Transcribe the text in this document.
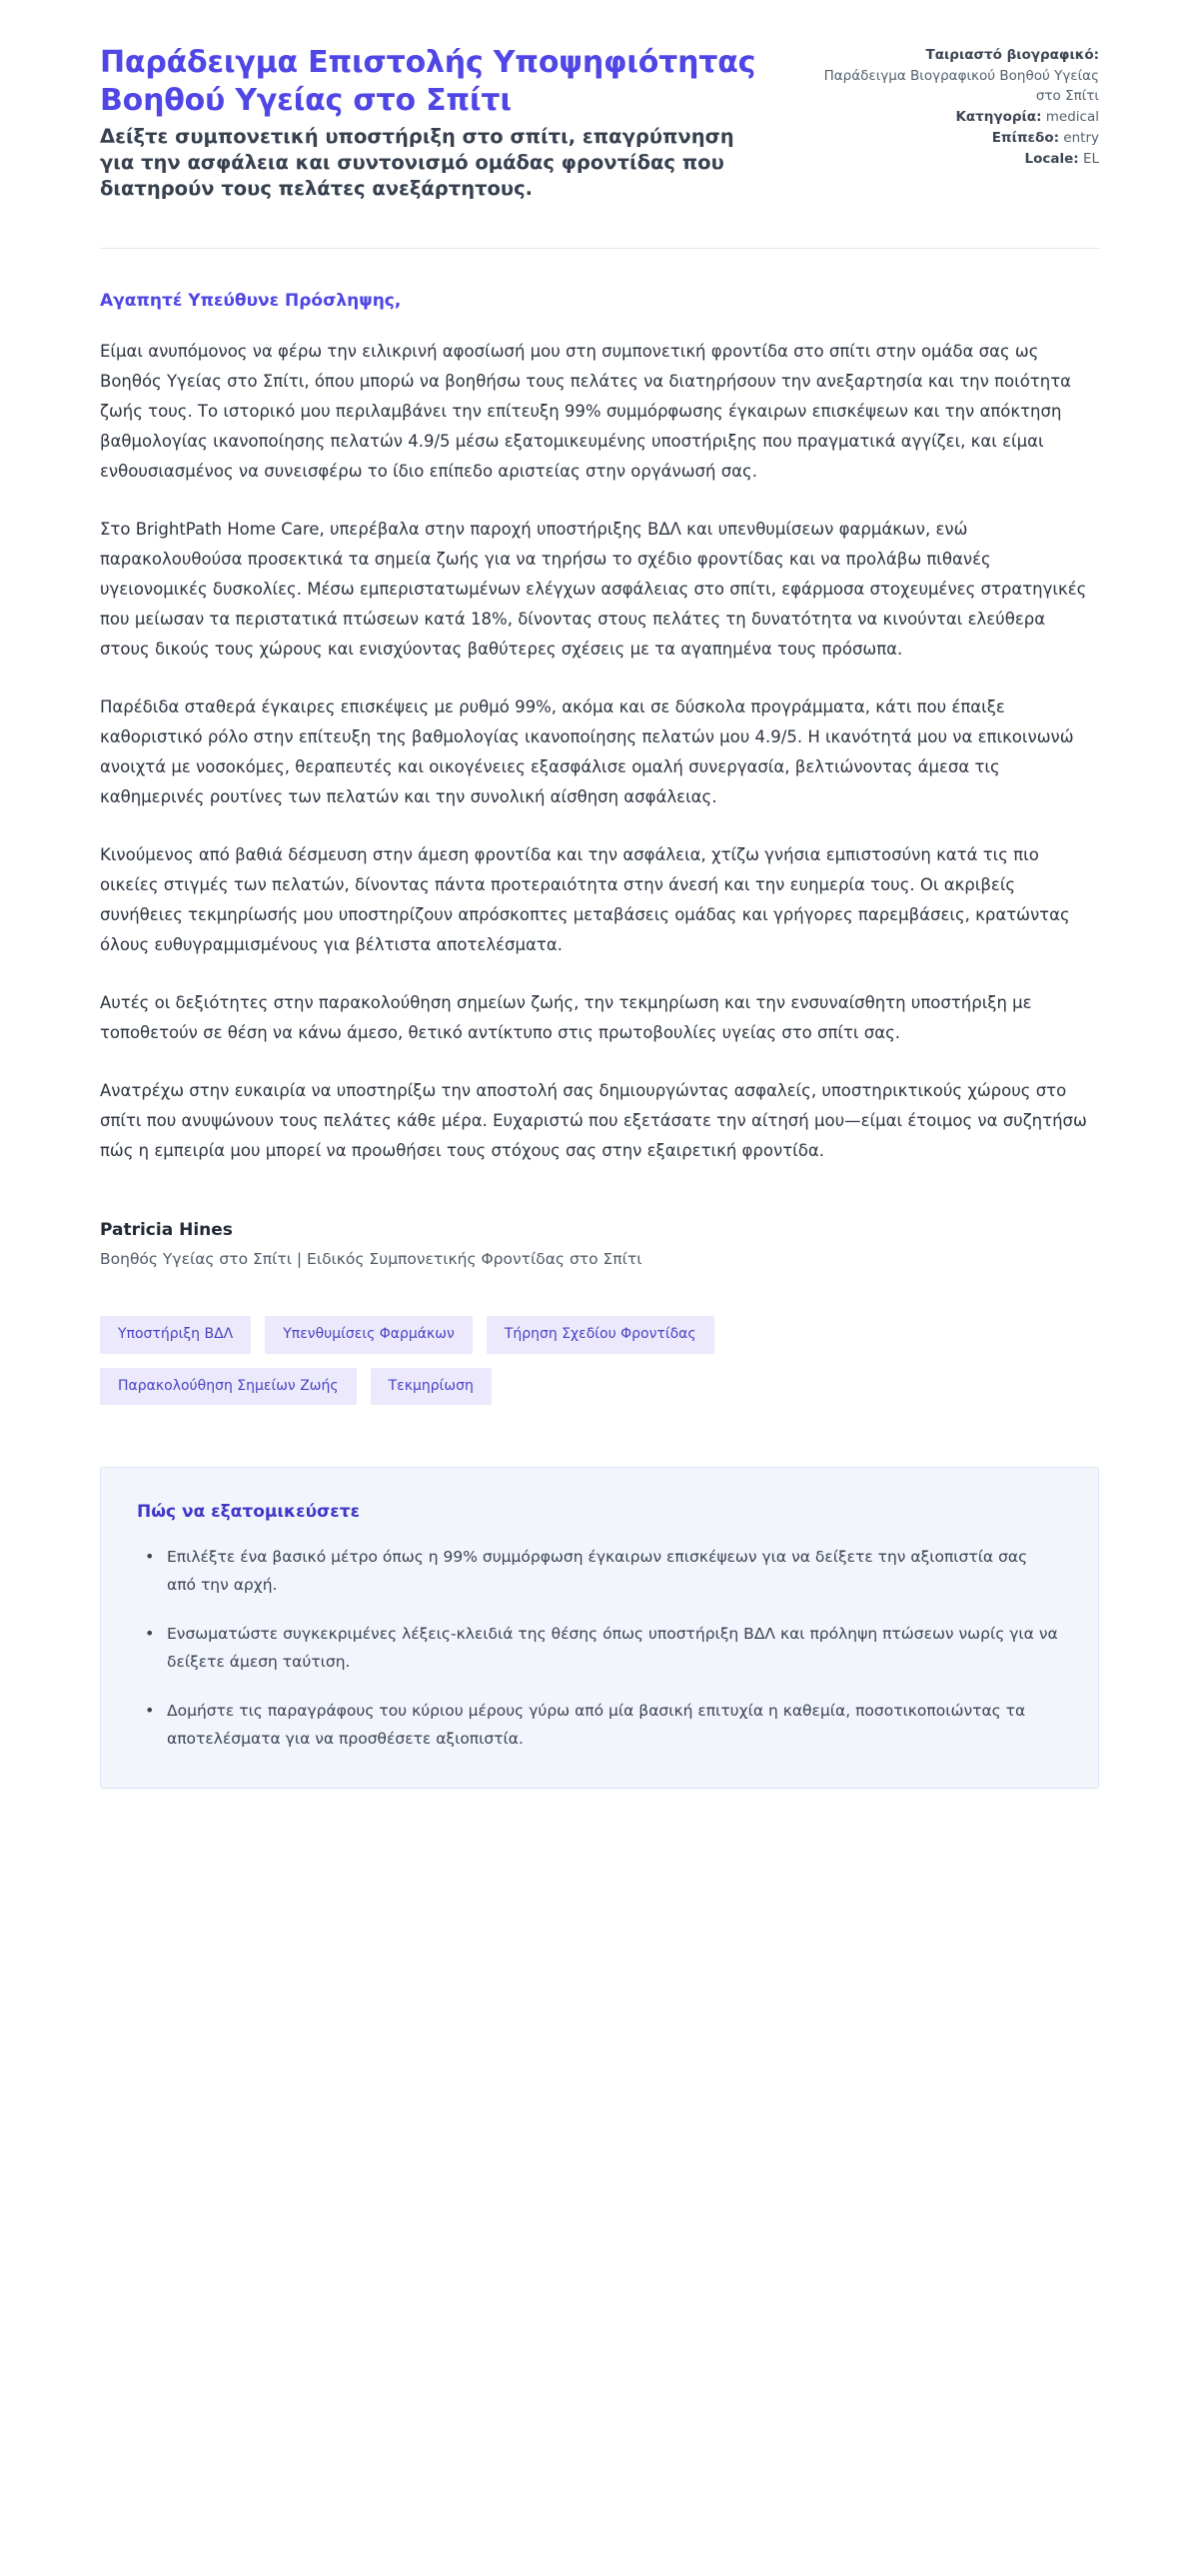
Παράδειγμα Επιστολής Υποψηφιότητας Βοηθού Υγείας στο Σπίτι

Δείξτε συμπονετική υποστήριξη στο σπίτι, επαγρύπνηση για την ασφάλεια και συντονισμό ομάδας φροντίδας που διατηρούν τους πελάτες ανεξάρτητους.

Ταιριαστό βιογραφικό:
Παράδειγμα Βιογραφικού Βοηθού Υγείας στο Σπίτι
Κατηγορία: medical
Επίπεδο: entry
Locale: EL

Αγαπητέ Υπεύθυνε Πρόσληψης,

Είμαι ανυπόμονος να φέρω την ειλικρινή αφοσίωσή μου στη συμπονετική φροντίδα στο σπίτι στην ομάδα σας ως Βοηθός Υγείας στο Σπίτι, όπου μπορώ να βοηθήσω τους πελάτες να διατηρήσουν την ανεξαρτησία και την ποιότητα ζωής τους. Το ιστορικό μου περιλαμβάνει την επίτευξη 99% συμμόρφωσης έγκαιρων επισκέψεων και την απόκτηση βαθμολογίας ικανοποίησης πελατών 4.9/5 μέσω εξατομικευμένης υποστήριξης που πραγματικά αγγίζει, και είμαι ενθουσιασμένος να συνεισφέρω το ίδιο επίπεδο αριστείας στην οργάνωσή σας.

Στο BrightPath Home Care, υπερέβαλα στην παροχή υποστήριξης ΒΔΛ και υπενθυμίσεων φαρμάκων, ενώ παρακολουθούσα προσεκτικά τα σημεία ζωής για να τηρήσω το σχέδιο φροντίδας και να προλάβω πιθανές υγειονομικές δυσκολίες. Μέσω εμπεριστατωμένων ελέγχων ασφάλειας στο σπίτι, εφάρμοσα στοχευμένες στρατηγικές που μείωσαν τα περιστατικά πτώσεων κατά 18%, δίνοντας στους πελάτες τη δυνατότητα να κινούνται ελεύθερα στους δικούς τους χώρους και ενισχύοντας βαθύτερες σχέσεις με τα αγαπημένα τους πρόσωπα.

Παρέδιδα σταθερά έγκαιρες επισκέψεις με ρυθμό 99%, ακόμα και σε δύσκολα προγράμματα, κάτι που έπαιξε καθοριστικό ρόλο στην επίτευξη της βαθμολογίας ικανοποίησης πελατών μου 4.9/5. Η ικανότητά μου να επικοινωνώ ανοιχτά με νοσοκόμες, θεραπευτές και οικογένειες εξασφάλισε ομαλή συνεργασία, βελτιώνοντας άμεσα τις καθημερινές ρουτίνες των πελατών και την συνολική αίσθηση ασφάλειας.

Κινούμενος από βαθιά δέσμευση στην άμεση φροντίδα και την ασφάλεια, χτίζω γνήσια εμπιστοσύνη κατά τις πιο οικείες στιγμές των πελατών, δίνοντας πάντα προτεραιότητα στην άνεσή και την ευημερία τους. Οι ακριβείς συνήθειες τεκμηρίωσής μου υποστηρίζουν απρόσκοπτες μεταβάσεις ομάδας και γρήγορες παρεμβάσεις, κρατώντας όλους ευθυγραμμισμένους για βέλτιστα αποτελέσματα.

Αυτές οι δεξιότητες στην παρακολούθηση σημείων ζωής, την τεκμηρίωση και την ενσυναίσθητη υποστήριξη με τοποθετούν σε θέση να κάνω άμεσο, θετικό αντίκτυπο στις πρωτοβουλίες υγείας στο σπίτι σας.

Ανατρέχω στην ευκαιρία να υποστηρίξω την αποστολή σας δημιουργώντας ασφαλείς, υποστηρικτικούς χώρους στο σπίτι που ανυψώνουν τους πελάτες κάθε μέρα. Ευχαριστώ που εξετάσατε την αίτησή μου—είμαι έτοιμος να συζητήσω πώς η εμπειρία μου μπορεί να προωθήσει τους στόχους σας στην εξαιρετική φροντίδα.

Patricia Hines

Βοηθός Υγείας στο Σπίτι | Ειδικός Συμπονετικής Φροντίδας στο Σπίτι

Υποστήριξη ΒΔΛ	Υπενθυμίσεις Φαρμάκων	Τήρηση Σχεδίου Φροντίδας
Παρακολούθηση Σημείων Ζωής	Τεκμηρίωση
Πώς να εξατομικεύσετε
• Επιλέξτε ένα βασικό μέτρο όπως η 99% συμμόρφωση έγκαιρων επισκέψεων για να δείξετε την αξιοπιστία σας από την αρχή.
• Ενσωματώστε συγκεκριμένες λέξεις-κλειδιά της θέσης όπως υποστήριξη ΒΔΛ και πρόληψη πτώσεων νωρίς για να δείξετε άμεση ταύτιση.
• Δομήστε τις παραγράφους του κύριου μέρους γύρω από μία βασική επιτυχία η καθεμία, ποσοτικοποιώντας τα αποτελέσματα για να προσθέσετε αξιοπιστία.
